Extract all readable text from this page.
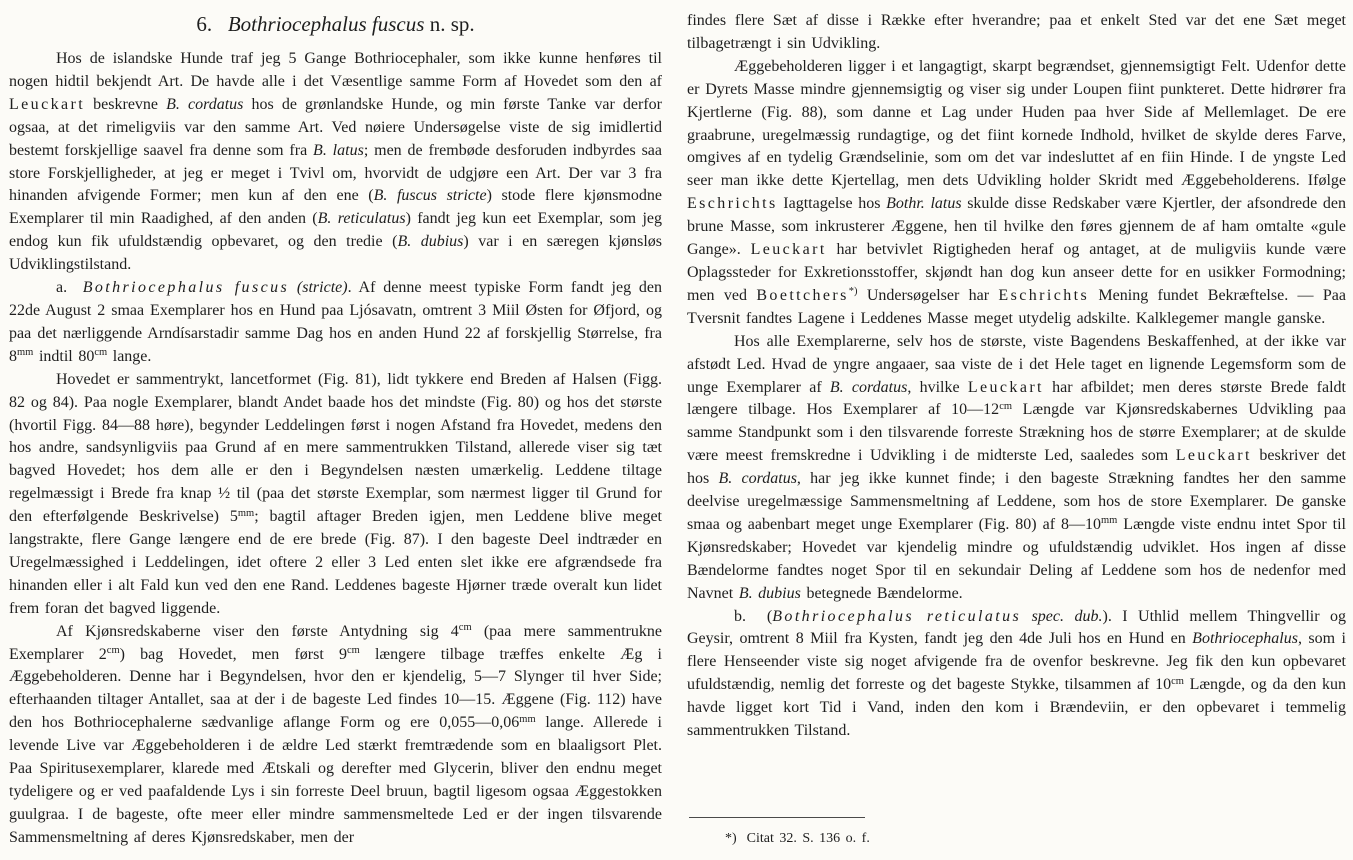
6.   Bothriocephalus fuscus n. sp.

Hos de islandske Hunde traf jeg 5 Gange Bothriocephaler, som ikke kunne henføres til nogen hidtil bekjendt Art. De havde alle i det Væsentlige samme Form af Hovedet som den af Leuckart beskrevne B. cordatus hos de grønlandske Hunde, og min første Tanke var derfor ogsaa, at det rimeligviis var den samme Art. Ved nøiere Undersøgelse viste de sig imidlertid bestemt forskjellige saavel fra denne som fra B. latus; men de frembøde desforuden indbyrdes saa store Forskjelligheder, at jeg er meget i Tvivl om, hvorvidt de udgjøre een Art. Der var 3 fra hinanden afvigende Former; men kun af den ene (B. fuscus stricte) stode flere kjønsmodne Exemplarer til min Raadighed, af den anden (B. reticulatus) fandt jeg kun eet Exemplar, som jeg endog kun fik ufuldstændig opbevaret, og den tredie (B. dubius) var i en særegen kjønsløs Udviklingstilstand.

a.  Bothriocephalus fuscus (stricte). Af denne meest typiske Form fandt jeg den 22de August 2 smaa Exemplarer hos en Hund paa Ljósavatn, omtrent 3 Miil Østen for Øfjord, og paa det nærliggende Arndísarstadir samme Dag hos en anden Hund 22 af forskjellig Størrelse, fra $8^{mm}$ indtil $80^{cm}$ lange.

Hovedet er sammentrykt, lancetformet (Fig. 81), lidt tykkere end Breden af Halsen (Figg. 82 og 84). Paa nogle Exemplarer, blandt Andet baade hos det mindste (Fig. 80) og hos det største (hvortil Figg. 84—88 høre), begynder Leddelingen først i nogen Afstand fra Hovedet, medens den hos andre, sandsynligviis paa Grund af en mere sammentrukken Tilstand, allerede viser sig tæt bagved Hovedet; hos dem alle er den i Begyndelsen næsten umærkelig. Leddene tiltage regelmæssigt i Brede fra knap ½ til (paa det største Exemplar, som nærmest ligger til Grund for den efterfølgende Beskrivelse) $5^{mm}$; bagtil aftager Breden igjen, men Leddene blive meget langstrakte, flere Gange længere end de ere brede (Fig. 87). I den bageste Deel indtræder en Uregelmæssighed i Leddelingen, idet oftere 2 eller 3 Led enten slet ikke ere afgrændsede fra hinanden eller i alt Fald kun ved den ene Rand. Leddenes bageste Hjørner træde overalt kun lidet frem foran det bagved liggende.

Af Kjønsredskaberne viser den første Antydning sig $4^{cm}$ (paa mere sammentrukne Exemplarer $2^{cm}$) bag Hovedet, men først $9^{cm}$ længere tilbage træffes enkelte Æg i Æggebeholderen. Denne har i Begyndelsen, hvor den er kjendelig, 5—7 Slynger til hver Side; efterhaanden tiltager Antallet, saa at der i de bageste Led findes 10—15. Æggene (Fig. 112) have den hos Bothriocephalerne sædvanlige aflange Form og ere $0,055—0,06^{mm}$ lange. Allerede i levende Live var Æggebeholderen i de ældre Led stærkt fremtrædende som en blaaligsort Plet. Paa Spiritusexemplarer, klarede med Ætskali og derefter med Glycerin, bliver den endnu meget tydeligere og er ved paafaldende Lys i sin forreste Deel bruun, bagtil ligesom ogsaa Æggestokken guulgraa. I de bageste, ofte meer eller mindre sammensmeltede Led er der ingen tilsvarende Sammensmeltning af deres Kjønsredskaber, men der

findes flere Sæt af disse i Række efter hverandre; paa et enkelt Sted var det ene Sæt meget tilbagetrængt i sin Udvikling.

Æggebeholderen ligger i et langagtigt, skarpt begrændset, gjennemsigtigt Felt. Udenfor dette er Dyrets Masse mindre gjennemsigtig og viser sig under Loupen fiint punkteret. Dette hidrører fra Kjertlerne (Fig. 88), som danne et Lag under Huden paa hver Side af Mellemlaget. De ere graabrune, uregelmæssig rundagtige, og det fiint kornede Indhold, hvilket de skylde deres Farve, omgives af en tydelig Grændselinie, som om det var indesluttet af en fiin Hinde. I de yngste Led seer man ikke dette Kjertellag, men dets Udvikling holder Skridt med Æggebeholderens. Ifølge Eschrichts Iagttagelse hos Bothr. latus skulde disse Redskaber være Kjertler, der afsondrede den brune Masse, som inkrusterer Æggene, hen til hvilke den føres gjennem de af ham omtalte «gule Gange». Leuckart har betvivlet Rigtigheden heraf og antaget, at de muligviis kunde være Oplagssteder for Exkretionsstoffer, skjøndt han dog kun anseer dette for en usikker Formodning; men ved Boettchers*) Undersøgelser har Eschrichts Mening fundet Bekræftelse. — Paa Tversnit fandtes Lagene i Leddenes Masse meget utydelig adskilte. Kalklegemer mangle ganske.

Hos alle Exemplarerne, selv hos de største, viste Bagendens Beskaffenhed, at der ikke var afstødt Led. Hvad de yngre angaaer, saa viste de i det Hele taget en lignende Legemsform som de unge Exemplarer af B. cordatus, hvilke Leuckart har afbildet; men deres største Brede faldt længere tilbage. Hos Exemplarer af $10—12^{cm}$ Længde var Kjønsredskabernes Udvikling paa samme Standpunkt som i den tilsvarende forreste Strækning hos de større Exemplarer; at de skulde være meest fremskredne i Udvikling i de midterste Led, saaledes som Leuckart beskriver det hos B. cordatus, har jeg ikke kunnet finde; i den bageste Strækning fandtes her den samme deelvise uregelmæssige Sammensmeltning af Leddene, som hos de store Exemplarer. De ganske smaa og aabenbart meget unge Exemplarer (Fig. 80) af $8—10^{mm}$ Længde viste endnu intet Spor til Kjønsredskaber; Hovedet var kjendelig mindre og ufuldstændig udviklet. Hos ingen af disse Bændelorme fandtes noget Spor til en sekundair Deling af Leddene som hos de nedenfor med Navnet B. dubius betegnede Bændelorme.

b.  (Bothriocephalus reticulatus spec. dub.). I Uthlid mellem Thingvellir og Geysir, omtrent 8 Miil fra Kysten, fandt jeg den 4de Juli hos en Hund en Bothriocephalus, som i flere Henseender viste sig noget afvigende fra de ovenfor beskrevne. Jeg fik den kun opbevaret ufuldstændig, nemlig det forreste og det bageste Stykke, tilsammen af $10^{cm}$ Længde, og da den kun havde ligget kort Tid i Vand, inden den kom i Brændeviin, er den opbevaret i temmelig sammentrukken Tilstand.

*) Citat 32. S. 136 o. f.
